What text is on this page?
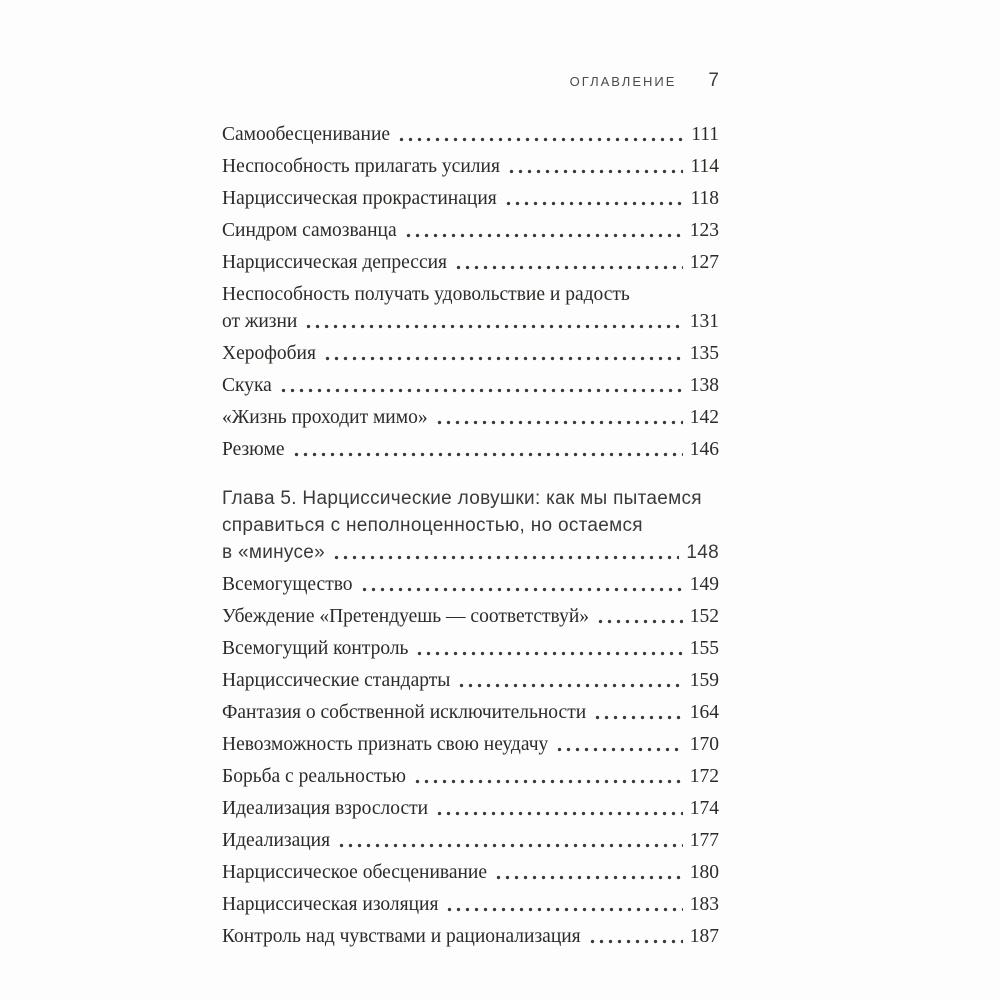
ОГЛАВЛЕНИЕ 7
Самообесценивание	111
Неспособность прилагать усилия	114
Нарциссическая прокрастинация	118
Синдром самозванца	123
Нарциссическая депрессия	127
Неспособность получать удовольствие и радость
от жизни	131
Херофобия	135
Скука	138
«Жизнь проходит мимо»	142
Резюме	146
Глава 5. Нарциссические ловушки: как мы пытаемся
справиться с неполноценностью, но остаемся
в «минусе»	148
Всемогущество	149
Убеждение «Претендуешь — соответствуй»	152
Всемогущий контроль	155
Нарциссические стандарты	159
Фантазия о собственной исключительности	164
Невозможность признать свою неудачу	170
Борьба с реальностью	172
Идеализация взрослости	174
Идеализация	177
Нарциссическое обесценивание	180
Нарциссическая изоляция	183
Контроль над чувствами и рационализация	187
